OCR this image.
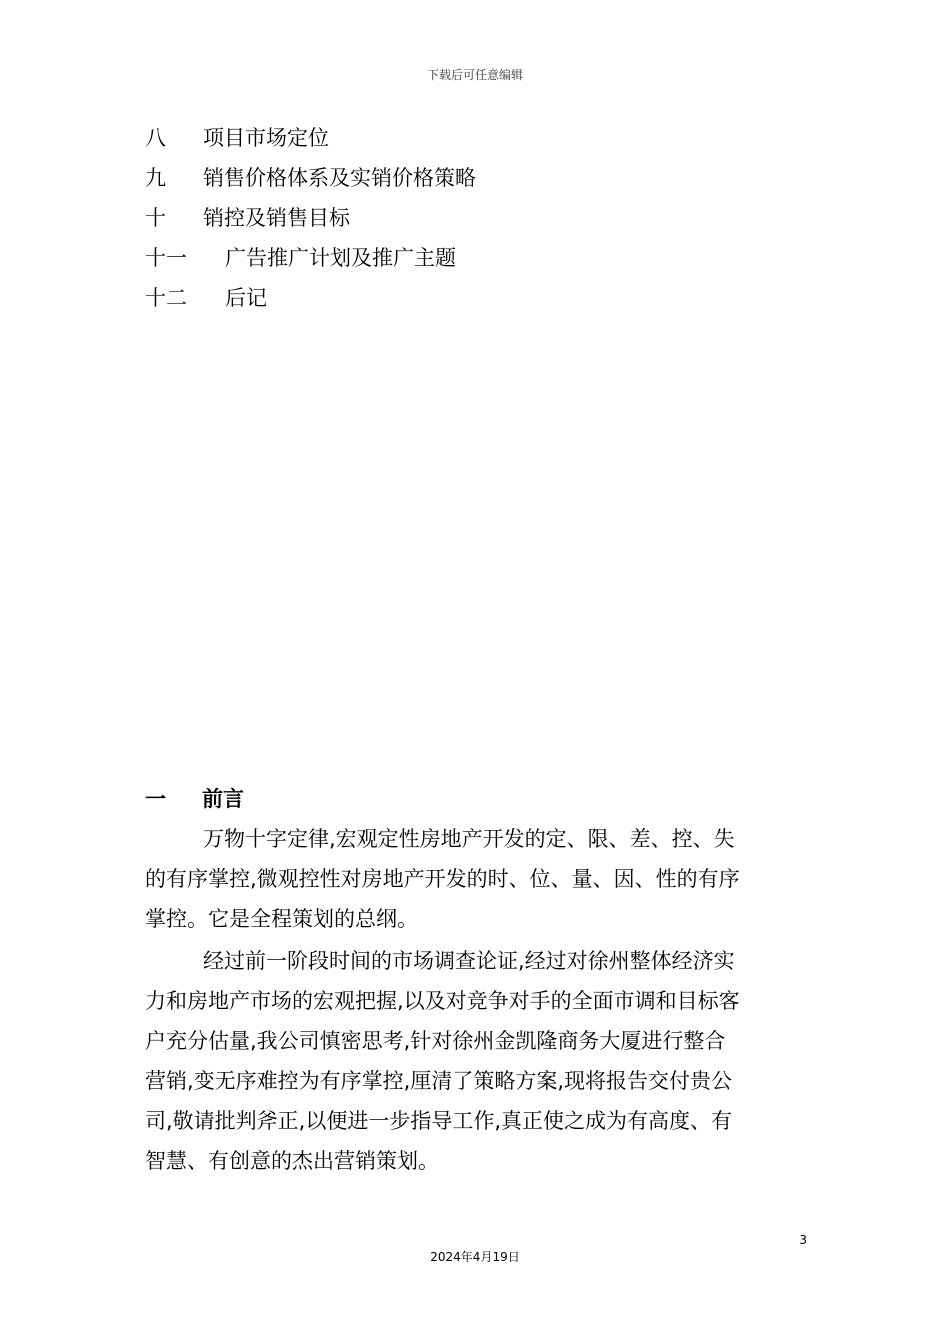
下载后可任意编辑
八 项目市场定位
九 销售价格体系及实销价格策略
十 销控及销售目标
十一 广告推广计划及推广主题
十二 后记
一 前言
万物十字定律,宏观定性房地产开发的定、限、差、控、失
的有序掌控,微观控性对房地产开发的时、位、量、因、性的有序
掌控。它是全程策划的总纲。
经过前一阶段时间的市场调查论证,经过对徐州整体经济实
力和房地产市场的宏观把握,以及对竞争对手的全面市调和目标客
户充分估量,我公司慎密思考,针对徐州金凯隆商务大厦进行整合
营销,变无序难控为有序掌控,厘清了策略方案,现将报告交付贵公
司,敬请批判斧正,以便进一步指导工作,真正使之成为有高度、有
智慧、有创意的杰出营销策划。
3
2024年4月19日
